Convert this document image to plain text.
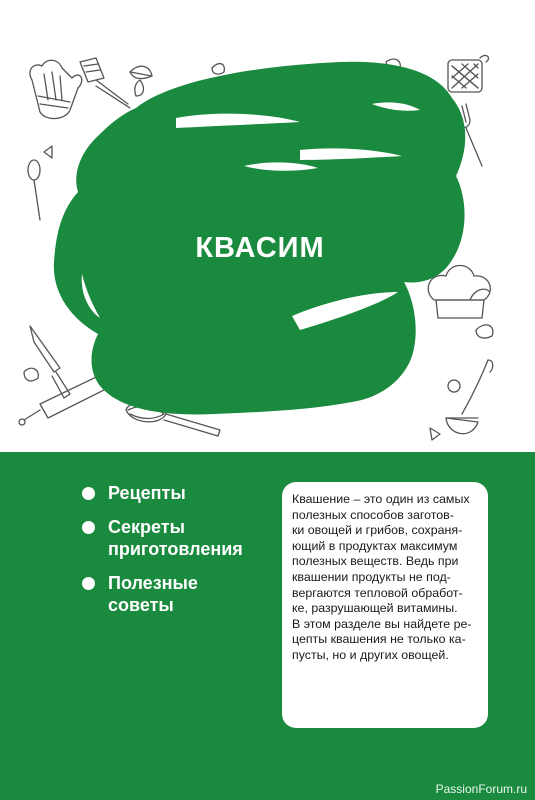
КВАСИМ
Рецепты
Секреты
приготовления
Полезные
советы

Квашение – это один из самых
полезных способов заготов-
ки овощей и грибов, сохраня-
ющий в продуктах максимум
полезных веществ. Ведь при
квашении продукты не под-
вергаются тепловой обработ-
ке, разрушающей витамины.
В этом разделе вы найдете ре-
цепты квашения не только ка-
пусты, но и других овощей.

PassionForum.ru
